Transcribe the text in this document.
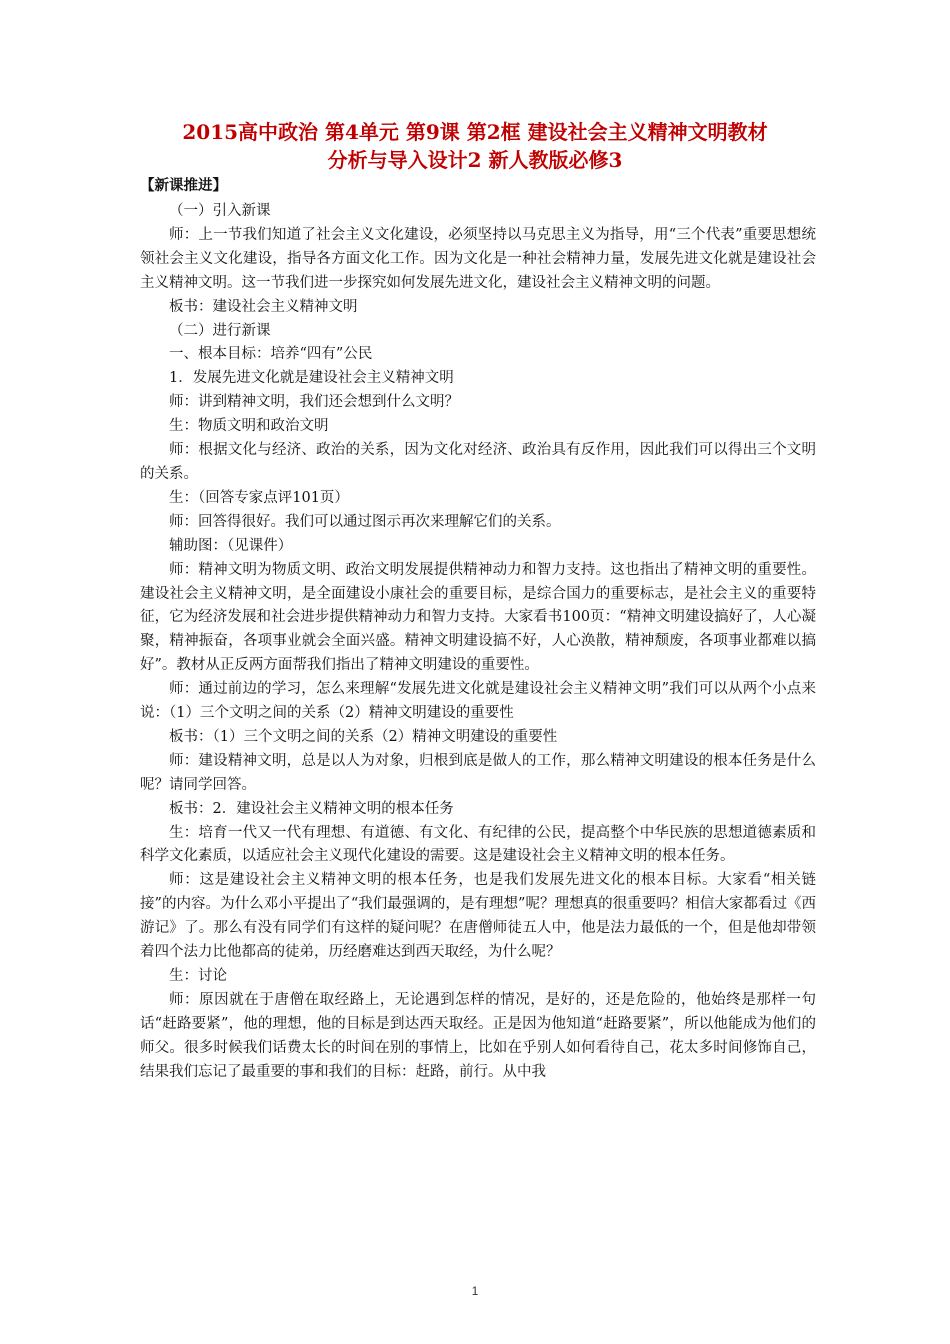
2015高中政治 第4单元 第9课 第2框 建设社会主义精神文明教材
分析与导入设计2 新人教版必修3
【新课推进】

（一）引入新课

师：上一节我们知道了社会主义文化建设，必须坚持以马克思主义为指导，用“三个代表”重要思想统领社会主义文化建设，指导各方面文化工作。因为文化是一种社会精神力量，发展先进文化就是建设社会主义精神文明。这一节我们进一步探究如何发展先进文化，建设社会主义精神文明的问题。

板书：建设社会主义精神文明

（二）进行新课

一、根本目标：培养“四有”公民

1．发展先进文化就是建设社会主义精神文明

师：讲到精神文明，我们还会想到什么文明？

生：物质文明和政治文明

师：根据文化与经济、政治的关系，因为文化对经济、政治具有反作用，因此我们可以得出三个文明的关系。

生：（回答专家点评101页）

师：回答得很好。我们可以通过图示再次来理解它们的关系。

辅助图：（见课件）

师：精神文明为物质文明、政治文明发展提供精神动力和智力支持。这也指出了精神文明的重要性。建设社会主义精神文明，是全面建设小康社会的重要目标，是综合国力的重要标志，是社会主义的重要特征，它为经济发展和社会进步提供精神动力和智力支持。大家看书100页：“精神文明建设搞好了，人心凝聚，精神振奋，各项事业就会全面兴盛。精神文明建设搞不好，人心涣散，精神颓废，各项事业都难以搞好”。教材从正反两方面帮我们指出了精神文明建设的重要性。

师：通过前边的学习，怎么来理解“发展先进文化就是建设社会主义精神文明”我们可以从两个小点来说：（1）三个文明之间的关系（2）精神文明建设的重要性

板书：（1）三个文明之间的关系（2）精神文明建设的重要性

师：建设精神文明，总是以人为对象，归根到底是做人的工作，那么精神文明建设的根本任务是什么呢？请同学回答。

板书：2．建设社会主义精神文明的根本任务

生：培育一代又一代有理想、有道德、有文化、有纪律的公民，提高整个中华民族的思想道德素质和科学文化素质，以适应社会主义现代化建设的需要。这是建设社会主义精神文明的根本任务。

师：这是建设社会主义精神文明的根本任务，也是我们发展先进文化的根本目标。大家看“相关链接”的内容。为什么邓小平提出了“我们最强调的，是有理想”呢？理想真的很重要吗？相信大家都看过《西游记》了。那么有没有同学们有这样的疑问呢？在唐僧师徒五人中，他是法力最低的一个，但是他却带领着四个法力比他都高的徒弟，历经磨难达到西天取经，为什么呢？

生：讨论

师：原因就在于唐僧在取经路上，无论遇到怎样的情况，是好的，还是危险的，他始终是那样一句话“赶路要紧”，他的理想，他的目标是到达西天取经。正是因为他知道“赶路要紧”，所以他能成为他们的师父。很多时候我们话费太长的时间在别的事情上，比如在乎别人如何看待自己，花太多时间修饰自己，结果我们忘记了最重要的事和我们的目标：赶路，前行。从中我

1
